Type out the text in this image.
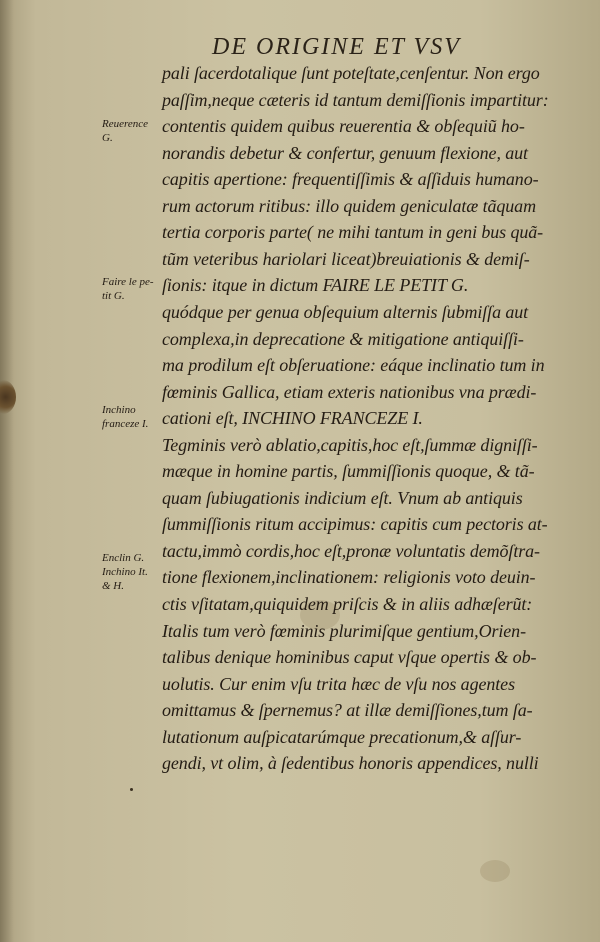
DE ORIGINE ET VSV
pali ſacerdotalique ſunt poteſtate,cenſentur. Non ergo
paſſim,neque cæteris id tantum demiſſionis impartitur:
contentis quidem quibus reuerentia & obſequiũ ho-
norandis debetur & confertur, genuum flexione, aut
capitis apertione: frequentiſſimis & aſſiduis humano-
rum actorum ritibus: illo quidem geniculatæ tãquam
tertia corporis parte( ne mihi tantum in geni bus quã-
tũm veteribus hariolari liceat)breuiationis & demiſ-
ſionis: itque in dictum FAIRE LE PETIT G.
quódque per genua obſequium alternis ſubmiſſa aut
complexa,in deprecatione & mitigatione antiquiſſi-
ma prodilum eſt obſeruatione: eáque inclinatio tum in
fœminis Gallica, etiam exteris nationibus vna prædi-
cationi eſt, INCHINO FRANCEZE I.
Tegminis verò ablatio,capitis,hoc eſt,ſummæ digniſſi-
mæque in homine partis, ſummiſſionis quoque, & tã-
quam ſubiugationis indicium eſt. Vnum ab antiquis
ſummiſſionis ritum accipimus: capitis cum pectoris at-
tactu,immò cordis,hoc eſt,pronæ voluntatis demõſtra-
tione flexionem,inclinationem: religionis voto deuin-
ctis vſitatam,quiquidem priſcis & in aliis adhæſerũt:
Italis tum verò fœminis plurimiſque gentium,Orien-
talibus denique hominibus caput vſque opertis & ob-
uolutis. Cur enim vſu trita hæc de vſu nos agentes
omittamus & ſpernemus? at illæ demiſſiones,tum ſa-
lutationum auſpicatarúmque precationum,& aſſur-
gendi, vt olim, à ſedentibus honoris appendices, nulli
Reuerence
G.
Faire le pe-
tit G.
Inchino
franceze I.
Enclin G.
Inchino It.
& H.
